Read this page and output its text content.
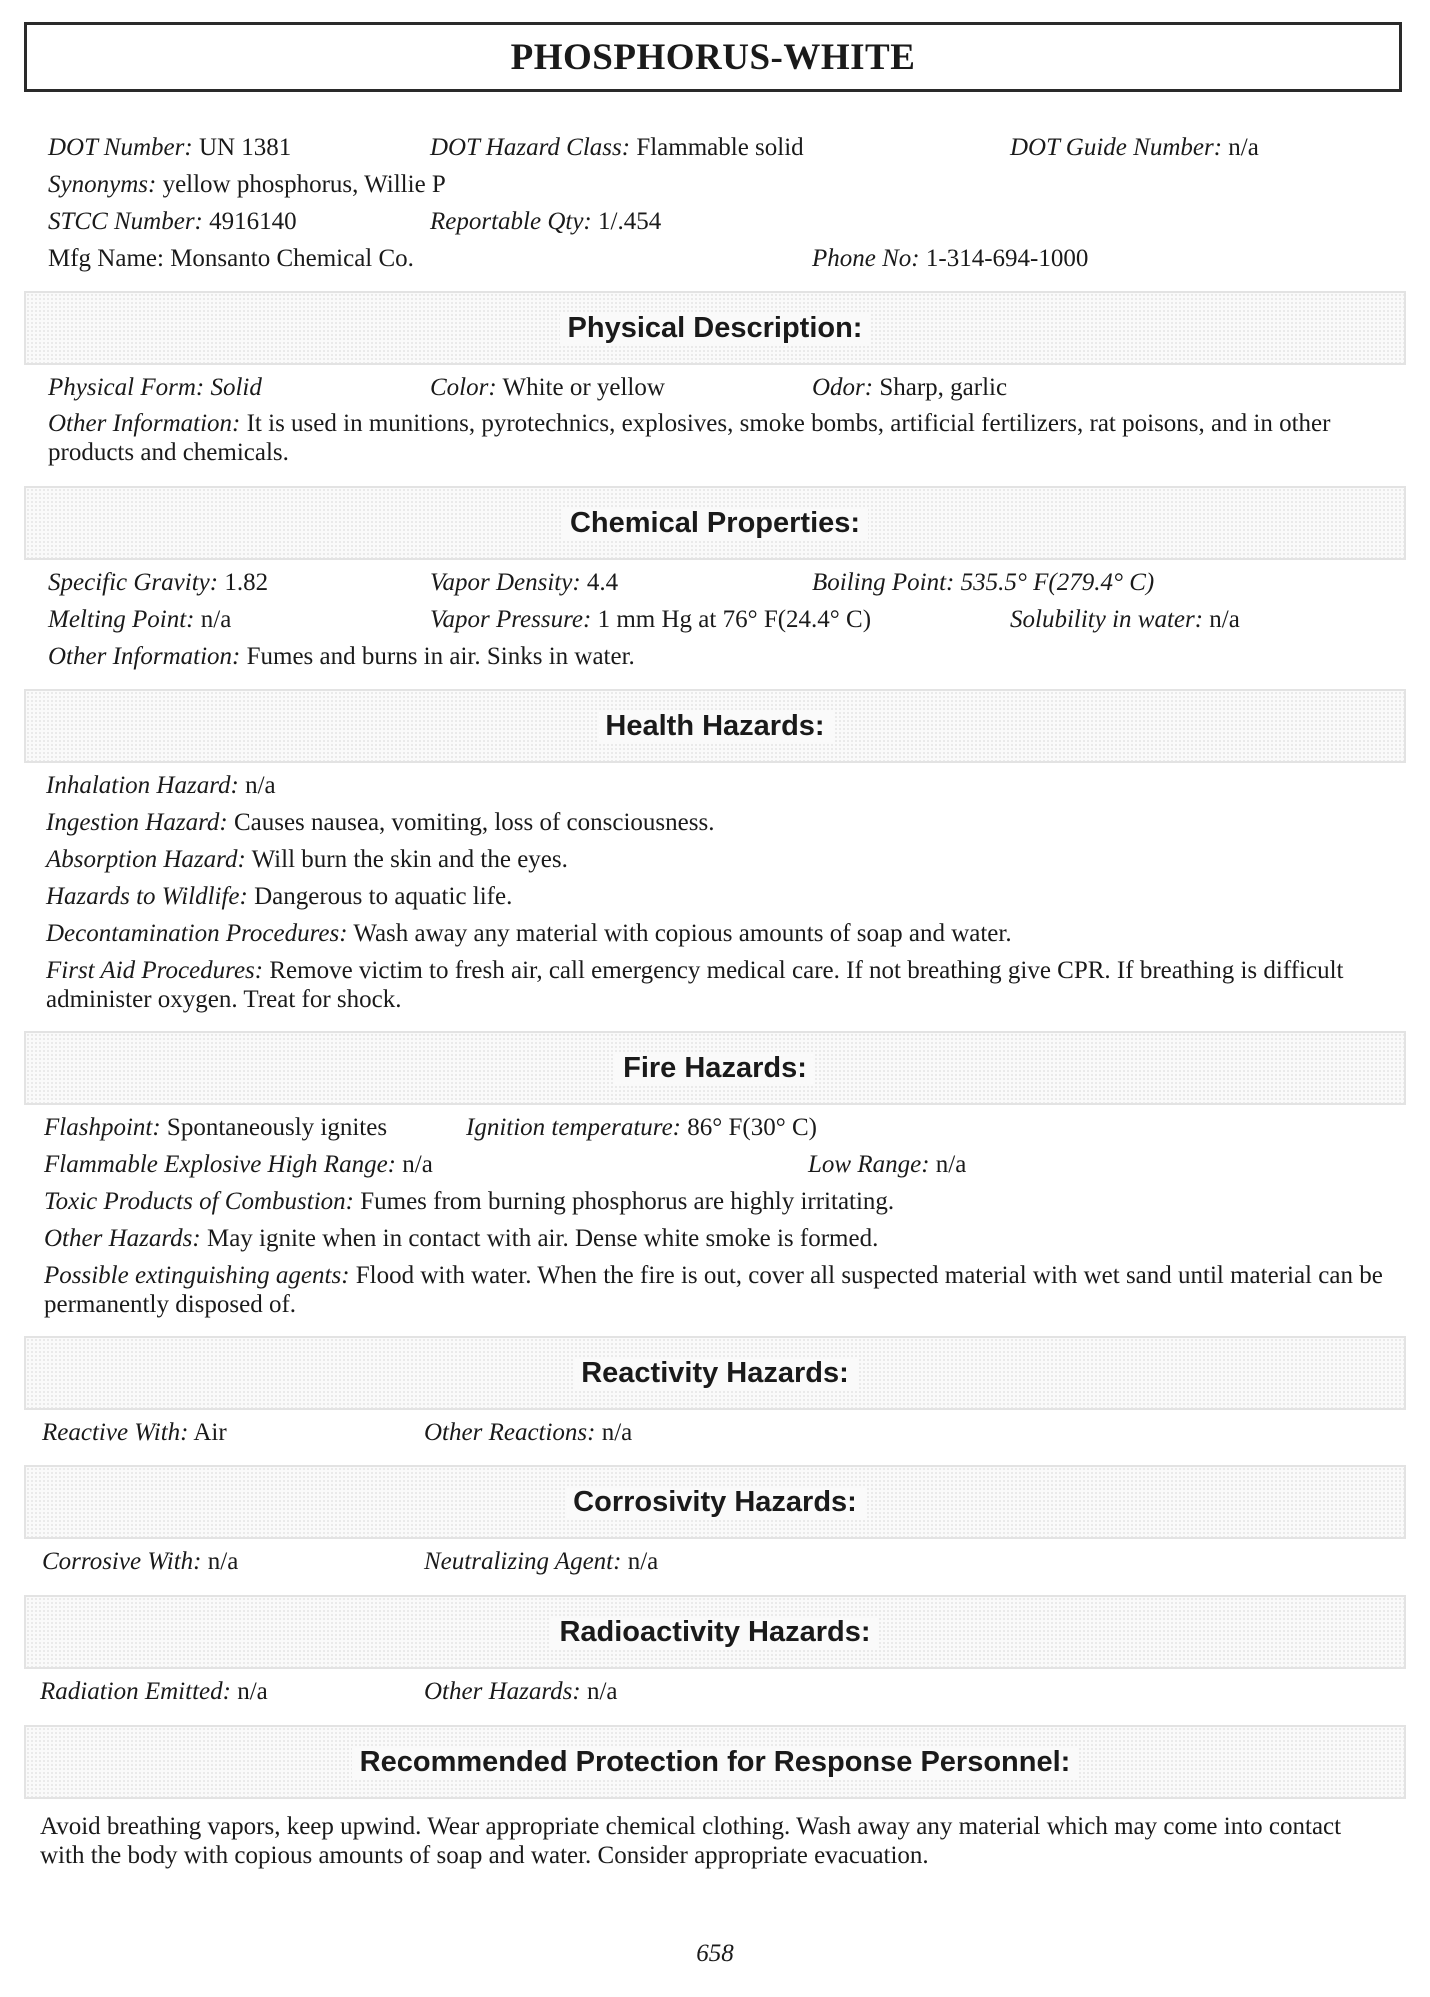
PHOSPHORUS-WHITE
DOT Number: UN 1381	DOT Hazard Class: Flammable solid	DOT Guide Number: n/a
Synonyms: yellow phosphorus, Willie P
STCC Number: 4916140	Reportable Qty: 1/.454
Mfg Name: Monsanto Chemical Co.	Phone No: 1-314-694-1000
Physical Description:
Physical Form: Solid	Color: White or yellow	Odor: Sharp, garlic
Other Information: It is used in munitions, pyrotechnics, explosives, smoke bombs, artificial fertilizers, rat poisons, and in other products and chemicals.
Chemical Properties:
Specific Gravity: 1.82	Vapor Density: 4.4	Boiling Point: 535.5° F(279.4° C)
Melting Point: n/a	Vapor Pressure: 1 mm Hg at 76° F(24.4° C)	Solubility in water: n/a
Other Information: Fumes and burns in air. Sinks in water.
Health Hazards:
Inhalation Hazard: n/a
Ingestion Hazard: Causes nausea, vomiting, loss of consciousness.
Absorption Hazard: Will burn the skin and the eyes.
Hazards to Wildlife: Dangerous to aquatic life.
Decontamination Procedures: Wash away any material with copious amounts of soap and water.
First Aid Procedures: Remove victim to fresh air, call emergency medical care. If not breathing give CPR. If breathing is difficult administer oxygen. Treat for shock.
Fire Hazards:
Flashpoint: Spontaneously ignites	Ignition temperature: 86° F(30° C)
Flammable Explosive High Range: n/a	Low Range: n/a
Toxic Products of Combustion: Fumes from burning phosphorus are highly irritating.
Other Hazards: May ignite when in contact with air. Dense white smoke is formed.
Possible extinguishing agents: Flood with water. When the fire is out, cover all suspected material with wet sand until material can be permanently disposed of.
Reactivity Hazards:
Reactive With: Air	Other Reactions: n/a
Corrosivity Hazards:
Corrosive With: n/a	Neutralizing Agent: n/a
Radioactivity Hazards:
Radiation Emitted: n/a	Other Hazards: n/a
Recommended Protection for Response Personnel:
Avoid breathing vapors, keep upwind. Wear appropriate chemical clothing. Wash away any material which may come into contact with the body with copious amounts of soap and water. Consider appropriate evacuation.
658
